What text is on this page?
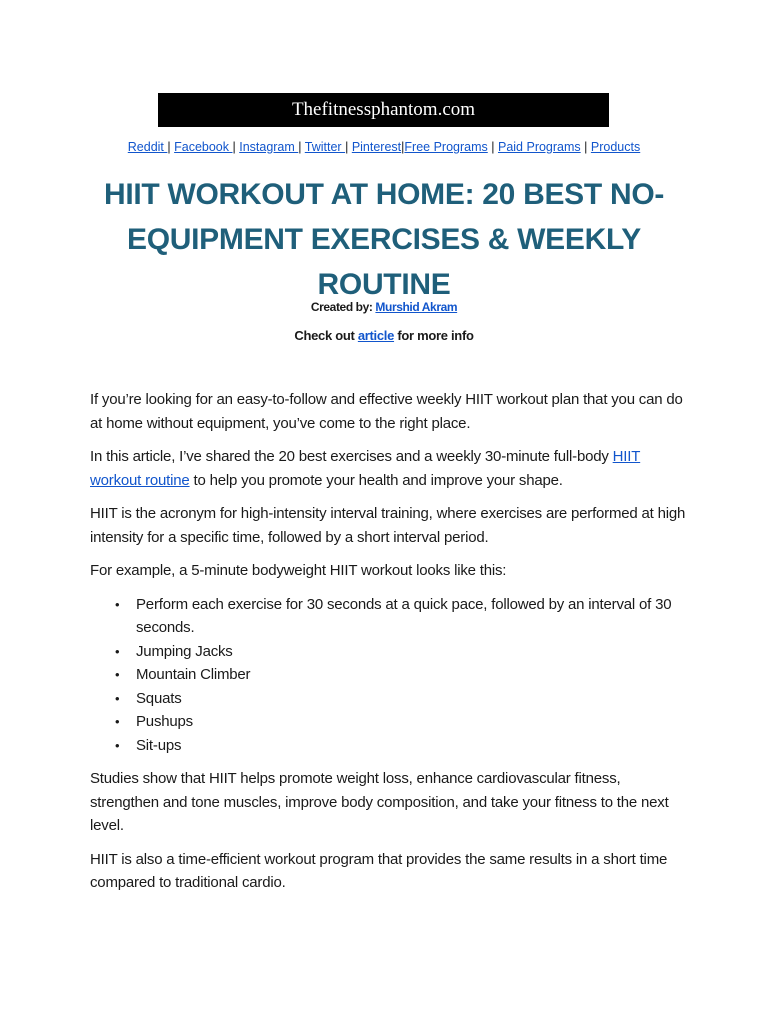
Thefitnessphantom.com
Reddit | Facebook | Instagram | Twitter | Pinterest|Free Programs | Paid Programs | Products
HIIT WORKOUT AT HOME: 20 BEST NO-EQUIPMENT EXERCISES & WEEKLY ROUTINE
Created by: Murshid Akram
Check out article for more info

If you’re looking for an easy-to-follow and effective weekly HIIT workout plan that you can do at home without equipment, you’ve come to the right place.

In this article, I’ve shared the 20 best exercises and a weekly 30-minute full-body HIIT workout routine to help you promote your health and improve your shape.

HIIT is the acronym for high-intensity interval training, where exercises are performed at high intensity for a specific time, followed by a short interval period.

For example, a 5-minute bodyweight HIIT workout looks like this:

• Perform each exercise for 30 seconds at a quick pace, followed by an interval of 30 seconds.
• Jumping Jacks
• Mountain Climber
• Squats
• Pushups
• Sit-ups

Studies show that HIIT helps promote weight loss, enhance cardiovascular fitness, strengthen and tone muscles, improve body composition, and take your fitness to the next level.

HIIT is also a time-efficient workout program that provides the same results in a short time compared to traditional cardio.
